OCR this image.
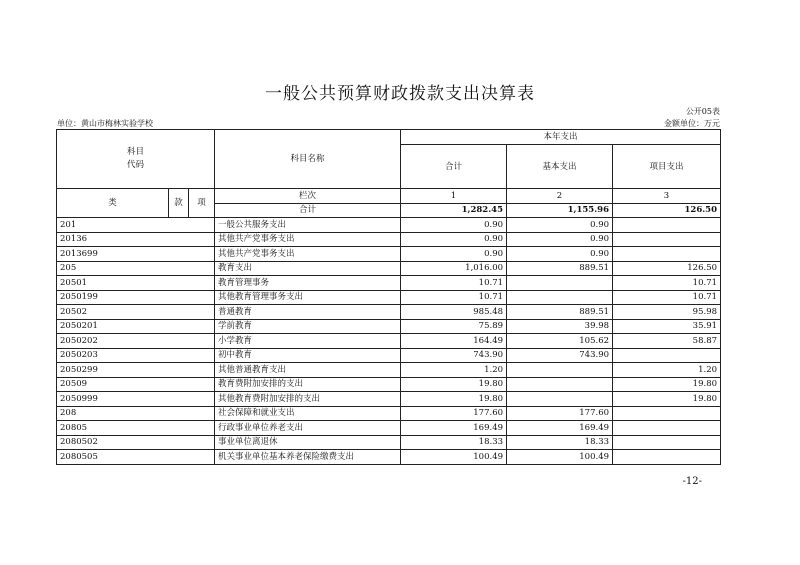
一般公共预算财政拨款支出决算表
公开05表
单位：黄山市梅林实验学校	金额单位：万元
科目
代码			科目名称	本年支出		
				合计	基本支出	项目支出
类	款	项	栏次	1	2	3
			合计	1,282.45	1,155.96	126.50
201			一般公共服务支出	0.90	0.90	
20136			其他共产党事务支出	0.90	0.90	
2013699			其他共产党事务支出	0.90	0.90	
205			教育支出	1,016.00	889.51	126.50
20501			教育管理事务	10.71		10.71
2050199			其他教育管理事务支出	10.71		10.71
20502			普通教育	985.48	889.51	95.98
2050201			学前教育	75.89	39.98	35.91
2050202			小学教育	164.49	105.62	58.87
2050203			初中教育	743.90	743.90	
2050299			其他普通教育支出	1.20		1.20
20509			教育费附加安排的支出	19.80		19.80
2050999			其他教育费附加安排的支出	19.80		19.80
208			社会保障和就业支出	177.60	177.60	
20805			行政事业单位养老支出	169.49	169.49	
2080502			事业单位离退休	18.33	18.33	
2080505			机关事业单位基本养老保险缴费支出	100.49	100.49	
-12-
